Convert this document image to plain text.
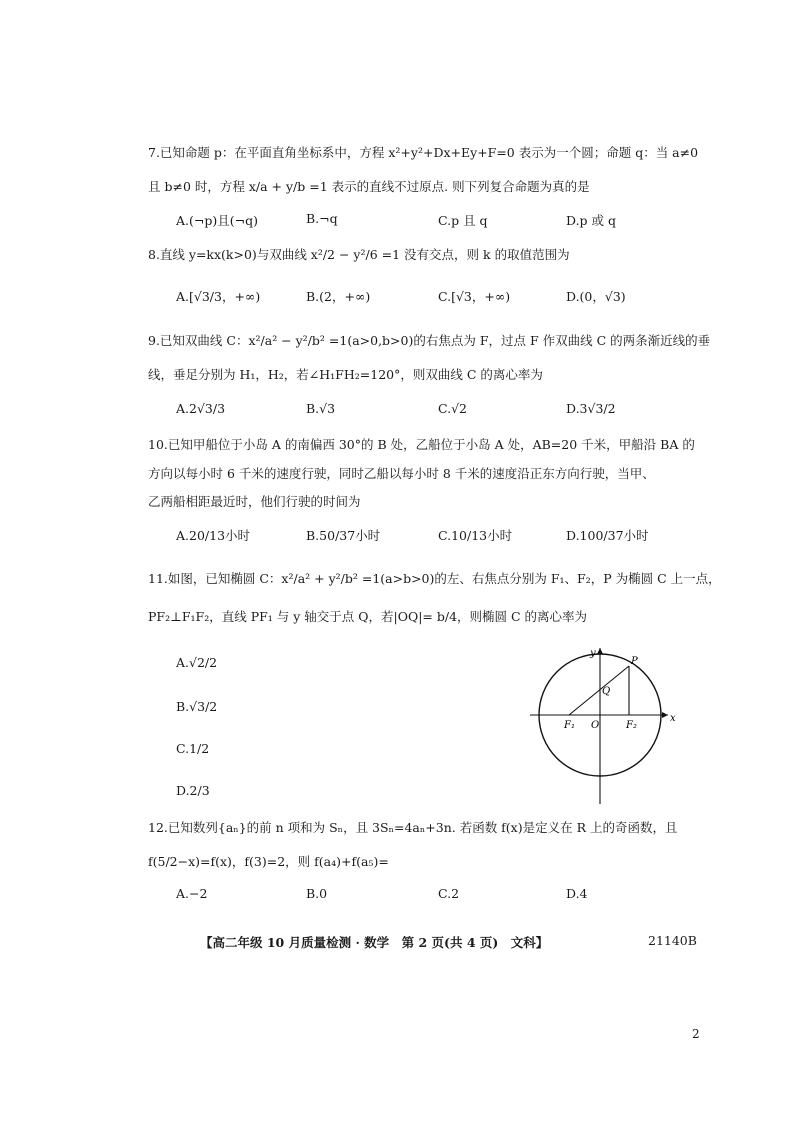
7.已知命题 p：在平面直角坐标系中，方程 x²+y²+Dx+Ey+F=0 表示为一个圆；命题 q：当 a≠0
且 b≠0 时，方程 x/a + y/b =1 表示的直线不过原点. 则下列复合命题为真的是
A.(¬p)且(¬q)	B.¬q	C.p 且 q	D.p 或 q
8.直线 y=kx(k>0)与双曲线 x²/2 − y²/6 =1 没有交点，则 k 的取值范围为
A.[√3/3，+∞)	B.(2，+∞)	C.[√3，+∞)	D.(0，√3)
9.已知双曲线 C：x²/a² − y²/b² =1(a>0,b>0)的右焦点为 F，过点 F 作双曲线 C 的两条渐近线的垂
线，垂足分别为 H₁，H₂，若∠H₁FH₂=120°，则双曲线 C 的离心率为
A.2√3/3	B.√3	C.√2	D.3√3/2
10.已知甲船位于小岛 A 的南偏西 30°的 B 处，乙船位于小岛 A 处，AB=20 千米，甲船沿 BA 的
方向以每小时 6 千米的速度行驶，同时乙船以每小时 8 千米的速度沿正东方向行驶，当甲、
乙两船相距最近时，他们行驶的时间为
A.20/13小时	B.50/37小时	C.10/13小时	D.100/37小时
11.如图，已知椭圆 C：x²/a² + y²/b² =1(a>b>0)的左、右焦点分别为 F₁、F₂，P 为椭圆 C 上一点，
PF₂⊥F₁F₂，直线 PF₁ 与 y 轴交于点 Q，若|OQ|= b/4，则椭圆 C 的离心率为
A.√2/2
B.√3/2
C.1/2
D.2/3
y
x
P
Q
O
F₁	F₂
12.已知数列{aₙ}的前 n 项和为 Sₙ，且 3Sₙ=4aₙ+3n. 若函数 f(x)是定义在 R 上的奇函数，且
f(5/2−x)=f(x)，f(3)=2，则 f(a₄)+f(a₅)=
A.−2	B.0	C.2	D.4
【高二年级 10 月质量检测 · 数学　第 2 页(共 4 页)　文科】	21140B
2
